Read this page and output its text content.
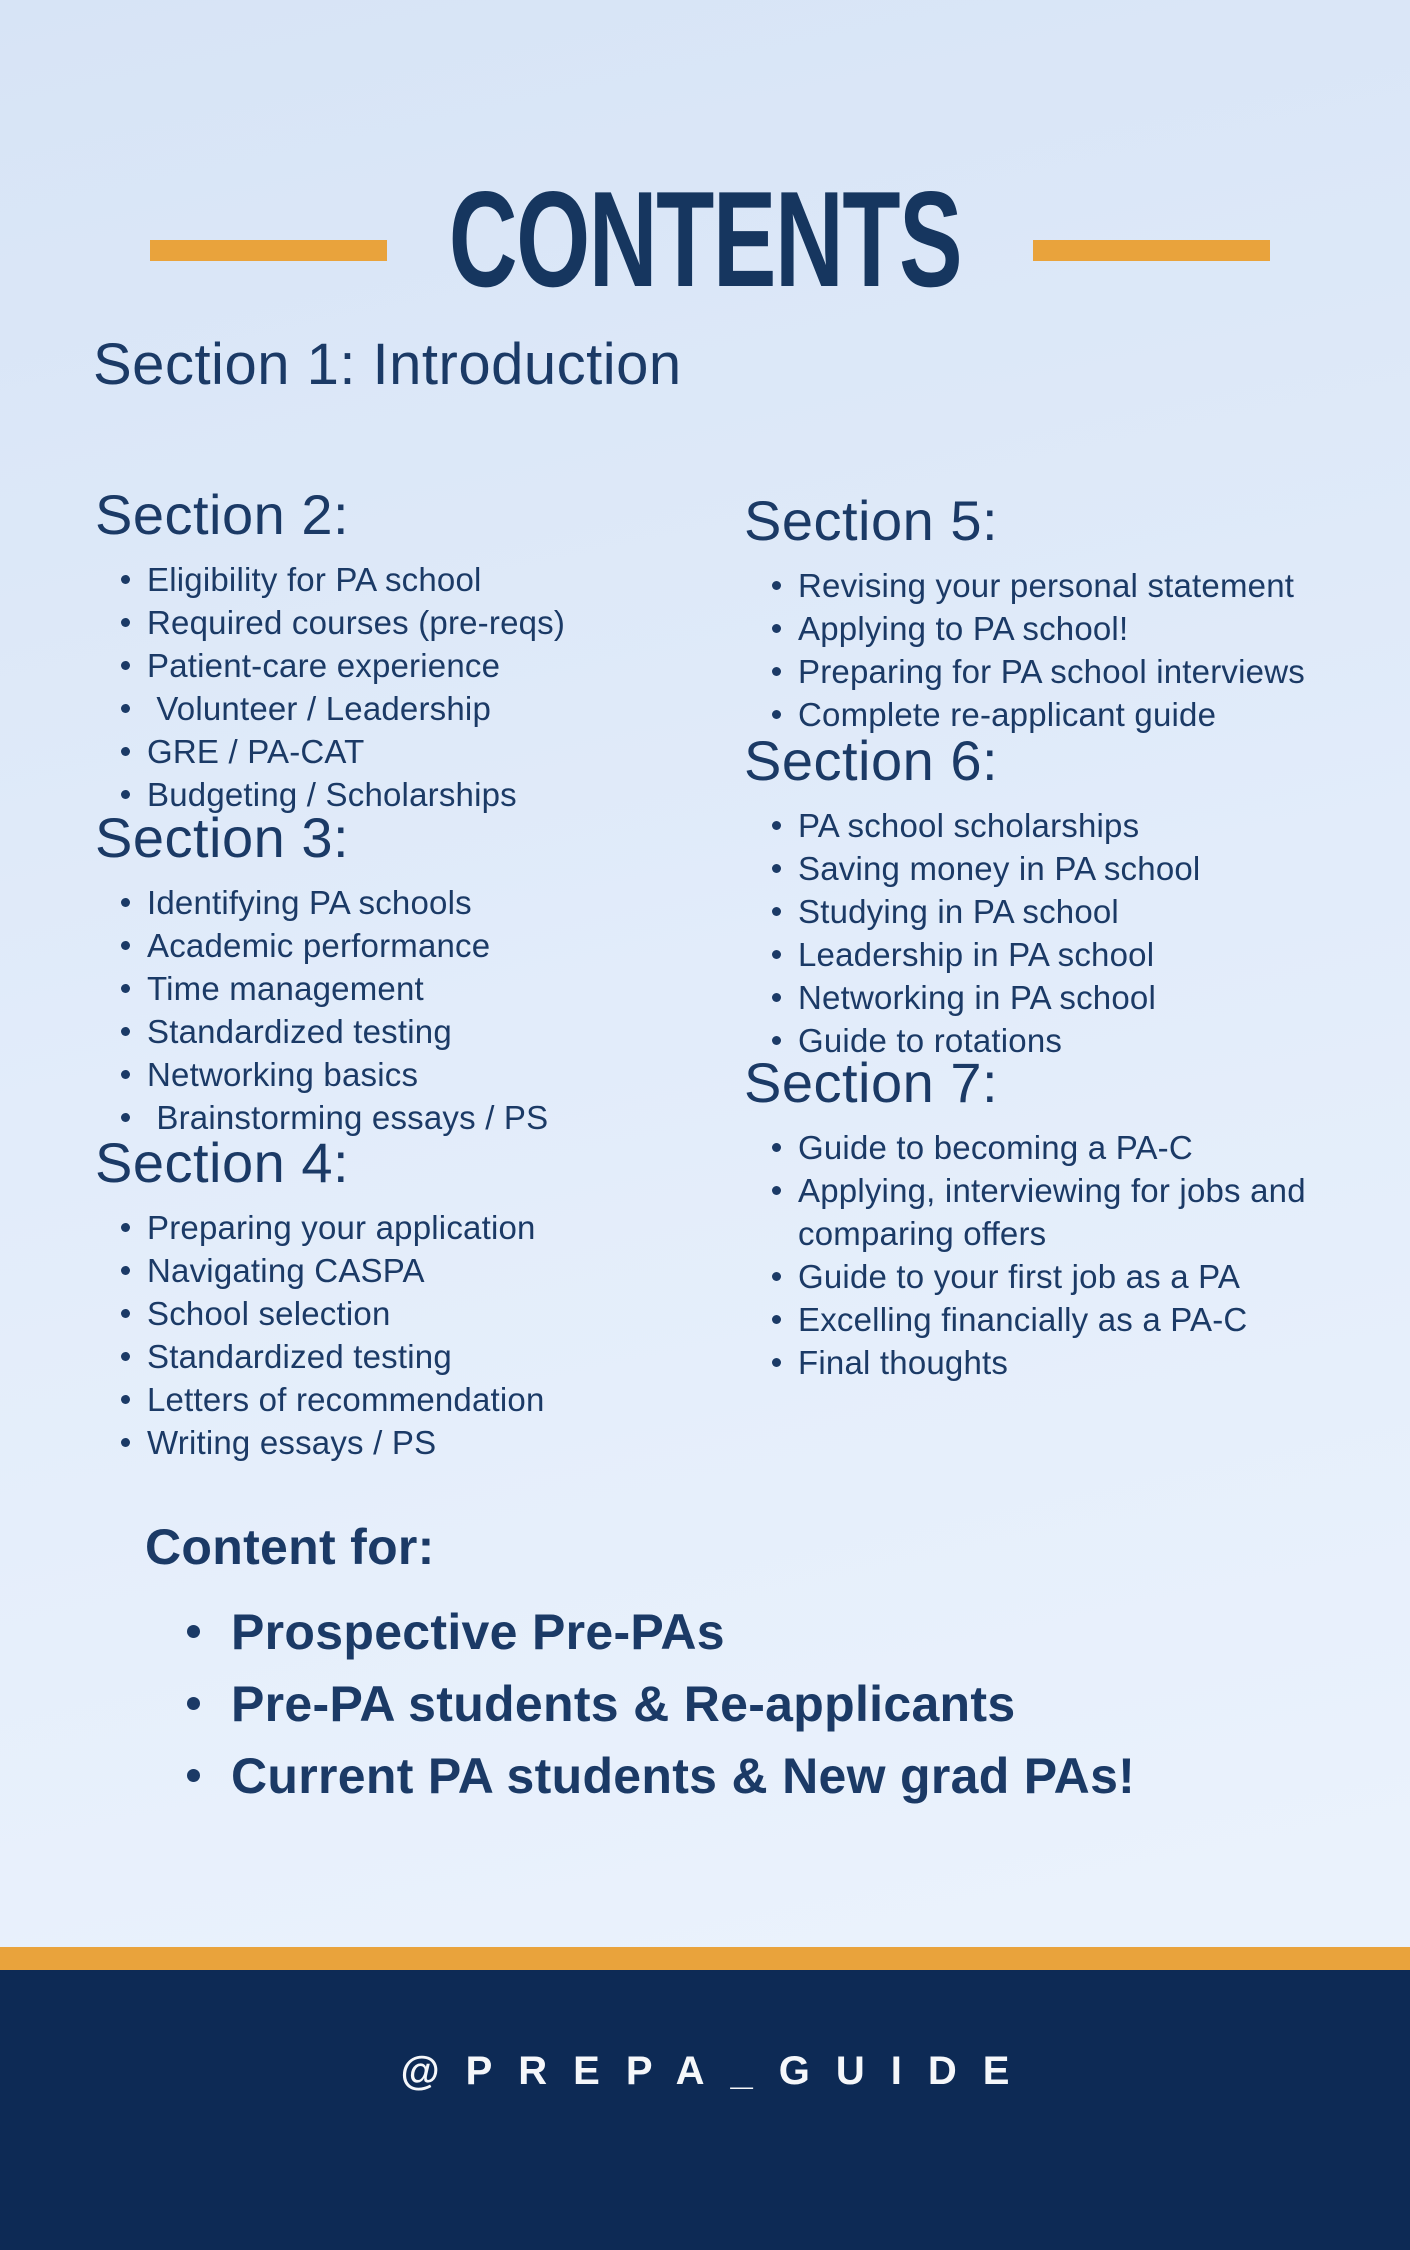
CONTENTS
Section 1: Introduction
Section 2:
Eligibility for PA school
Required courses (pre-reqs)
Patient-care experience
Volunteer / Leadership
GRE / PA-CAT
Budgeting / Scholarships
Section 3:
Identifying PA schools
Academic performance
Time management
Standardized testing
Networking basics
Brainstorming essays / PS
Section 4:
Preparing your application
Navigating CASPA
School selection
Standardized testing
Letters of recommendation
Writing essays / PS
Section 5:
Revising your personal statement
Applying to PA school!
Preparing for PA school interviews
Complete re-applicant guide
Section 6:
PA school scholarships
Saving money in PA school
Studying in PA school
Leadership in PA school
Networking in PA school
Guide to rotations
Section 7:
Guide to becoming a PA-C
Applying, interviewing for jobs and comparing offers
Guide to your first job as a PA
Excelling financially as a PA-C
Final thoughts
Content for:
Prospective Pre-PAs
Pre-PA students & Re-applicants
Current PA students & New grad PAs!

@PREPA_GUIDE
